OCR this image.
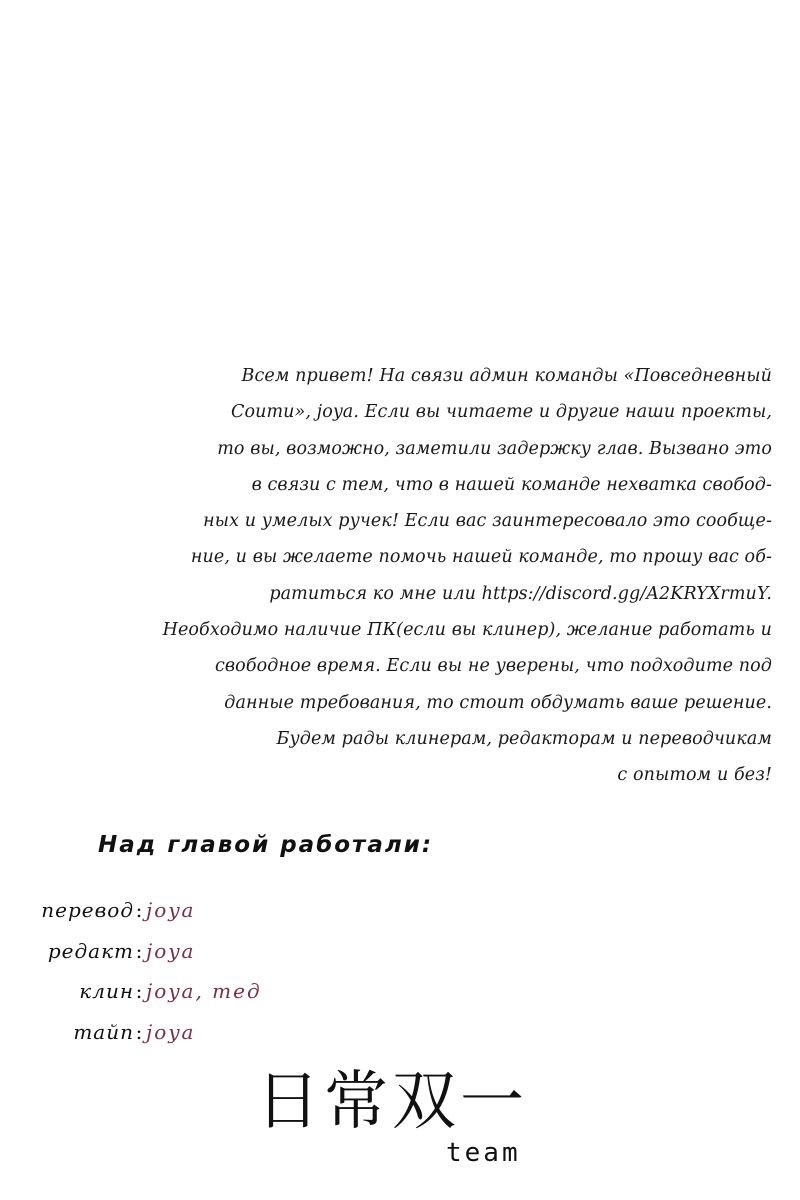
Всем привет! На связи админ команды «Повседневный
Соити», joya. Если вы читаете и другие наши проекты,
то вы, возможно, заметили задержку глав. Вызвано это
в связи с тем, что в нашей команде нехватка свобод-
ных и умелых ручек! Если вас заинтересовало это сообще-
ние, и вы желаете помочь нашей команде, то прошу вас об-
ратиться ко мне или https://discord.gg/A2KRYXrmuY.
Необходимо наличие ПК(если вы клинер), желание работать и
свободное время. Если вы не уверены, что подходите под
данные требования, то стоит обдумать ваше решение.
Будем рады клинерам, редакторам и переводчикам
с опытом и без!
Над главой работали:
перевод : joya
редакт : joya
клин : joya, тед
тайп : joya
日常双一
team
